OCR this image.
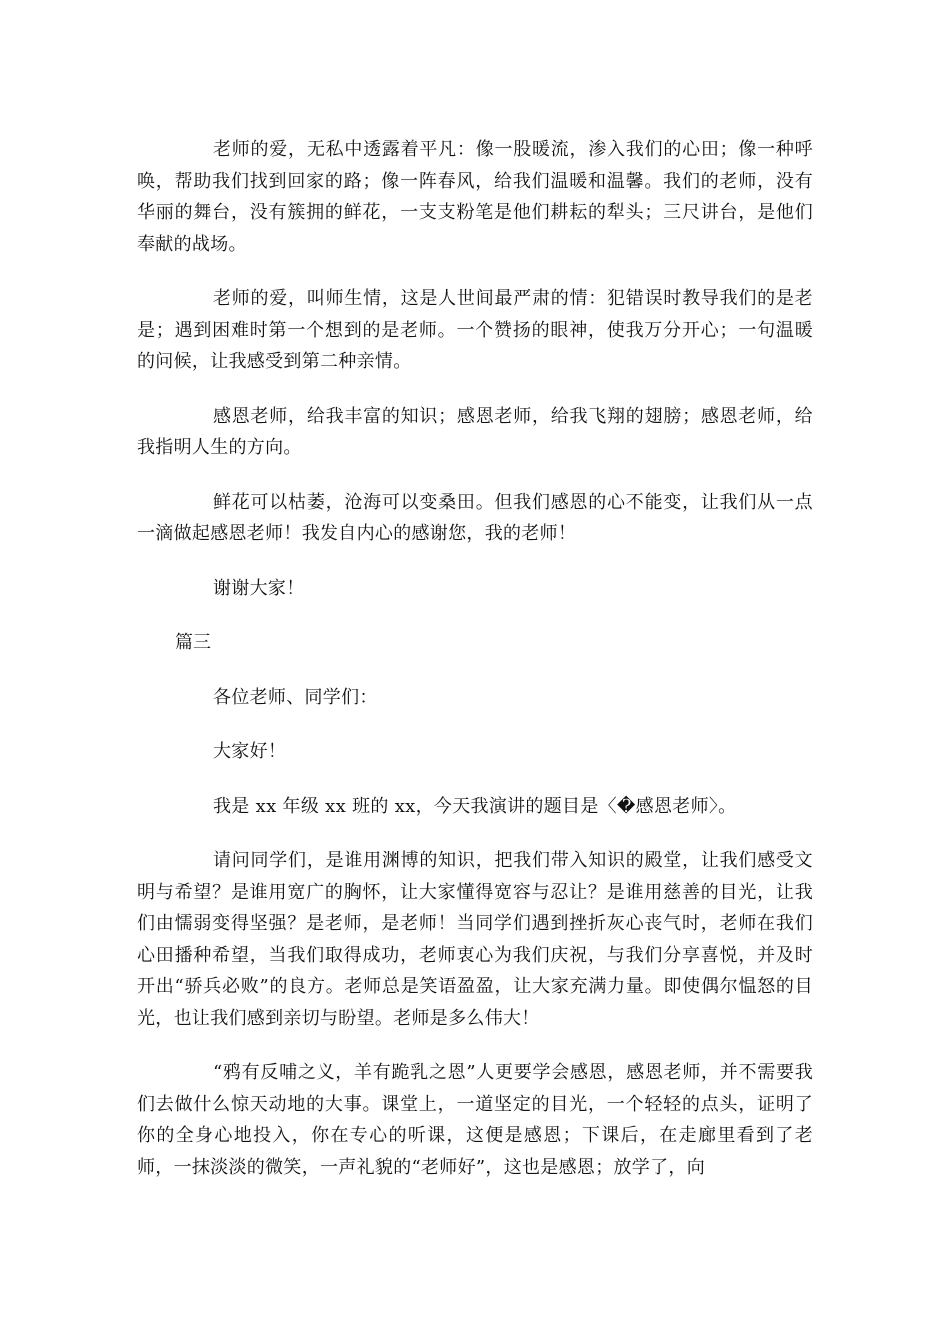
老师的爱，无私中透露着平凡：像一股暖流，渗入我们的心田；像一种呼唤，帮助我们找到回家的路；像一阵春风，给我们温暖和温馨。我们的老师，没有华丽的舞台，没有簇拥的鲜花，一支支粉笔是他们耕耘的犁头；三尺讲台，是他们奉献的战场。

老师的爱，叫师生情，这是人世间最严肃的情：犯错误时教导我们的是老是；遇到困难时第一个想到的是老师。一个赞扬的眼神，使我万分开心；一句温暖的问候，让我感受到第二种亲情。

感恩老师，给我丰富的知识；感恩老师，给我飞翔的翅膀；感恩老师，给我指明人生的方向。

鲜花可以枯萎，沧海可以变桑田。但我们感恩的心不能变，让我们从一点一滴做起感恩老师！我发自内心的感谢您，我的老师！

谢谢大家！

篇三

各位老师、同学们：

大家好！

我是 xx 年级 xx 班的 xx，今天我演讲的题目是〈�感恩老师〉。

请问同学们，是谁用渊博的知识，把我们带入知识的殿堂，让我们感受文明与希望？是谁用宽广的胸怀，让大家懂得宽容与忍让？是谁用慈善的目光，让我们由懦弱变得坚强？是老师，是老师！当同学们遇到挫折灰心丧气时，老师在我们心田播种希望，当我们取得成功，老师衷心为我们庆祝，与我们分享喜悦，并及时开出“骄兵必败”的良方。老师总是笑语盈盈，让大家充满力量。即使偶尔愠怒的目光，也让我们感到亲切与盼望。老师是多么伟大！

“鸦有反哺之义，羊有跪乳之恩”人更要学会感恩，感恩老师，并不需要我们去做什么惊天动地的大事。课堂上，一道坚定的目光，一个轻轻的点头，证明了你的全身心地投入，你在专心的听课，这便是感恩；下课后，在走廊里看到了老师，一抹淡淡的微笑，一声礼貌的“老师好”，这也是感恩；放学了，向
